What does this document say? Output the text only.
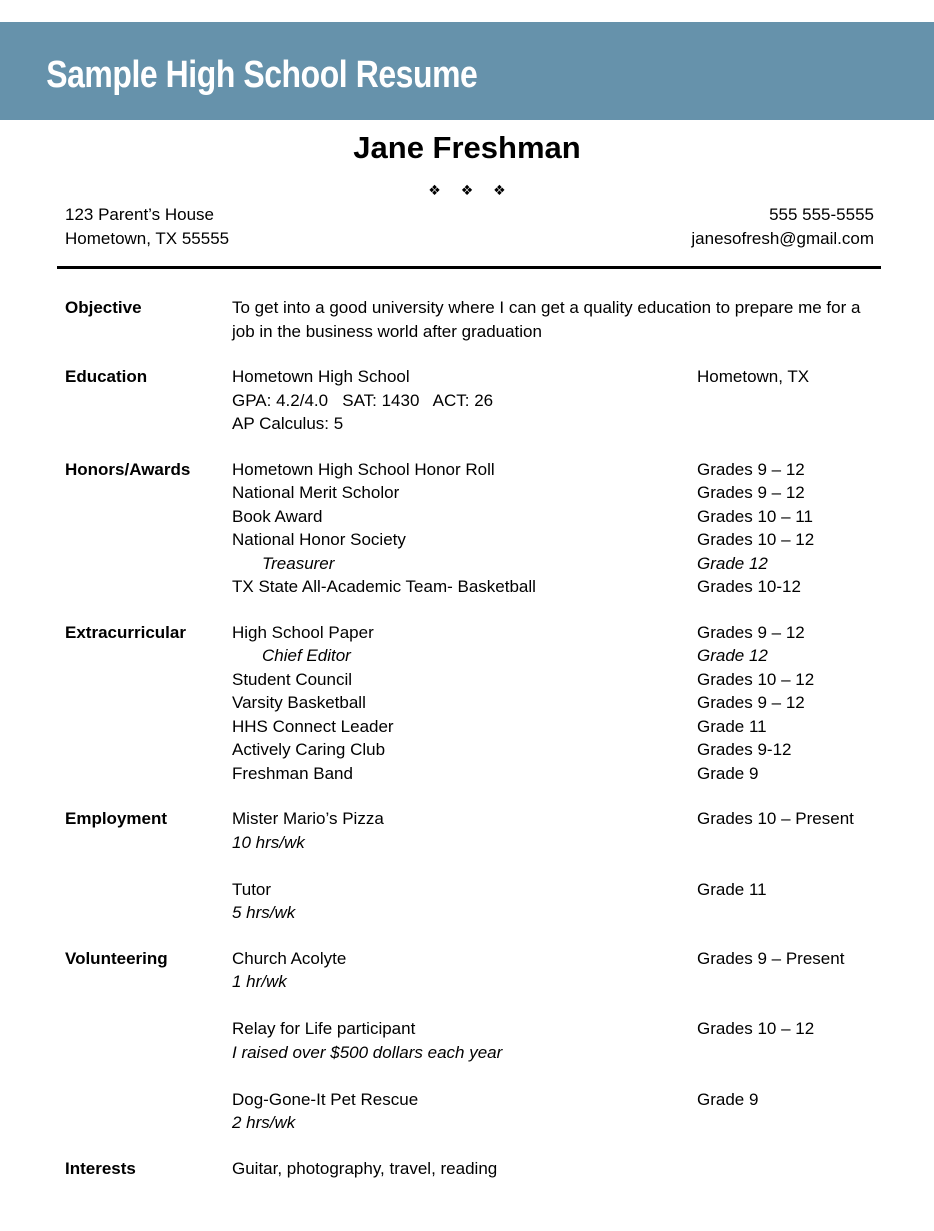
Sample High School Resume
Jane Freshman
❖ ❖ ❖
123 Parent’s House
Hometown, TX 55555
555 555-5555
janesofresh@gmail.com
Objective	To get into a good university where I can get a quality education to prepare me for a job in the business world after graduation

Education	Hometown High School	Hometown, TX
GPA: 4.2/4.0   SAT: 1430   ACT: 26
AP Calculus: 5
Honors/Awards	Hometown High School Honor Roll	Grades 9 – 12
National Merit Scholor	Grades 9 – 12
Book Award	Grades 10 – 11
National Honor Society	Grades 10 – 12
Treasurer	Grade 12
TX State All-Academic Team- Basketball	Grades 10-12
Extracurricular	High School Paper	Grades 9 – 12
Chief Editor	Grade 12
Student Council	Grades 10 – 12
Varsity Basketball	Grades 9 – 12
HHS Connect Leader	Grade 11
Actively Caring Club	Grades 9-12
Freshman Band	Grade 9
Employment	Mister Mario’s Pizza	Grades 10 – Present
10 hrs/wk
Tutor	Grade 11
5 hrs/wk
Volunteering	Church Acolyte	Grades 9 – Present
1 hr/wk
Relay for Life participant	Grades 10 – 12
I raised over $500 dollars each year
Dog-Gone-It Pet Rescue	Grade 9
2 hrs/wk
Interests	Guitar, photography, travel, reading
